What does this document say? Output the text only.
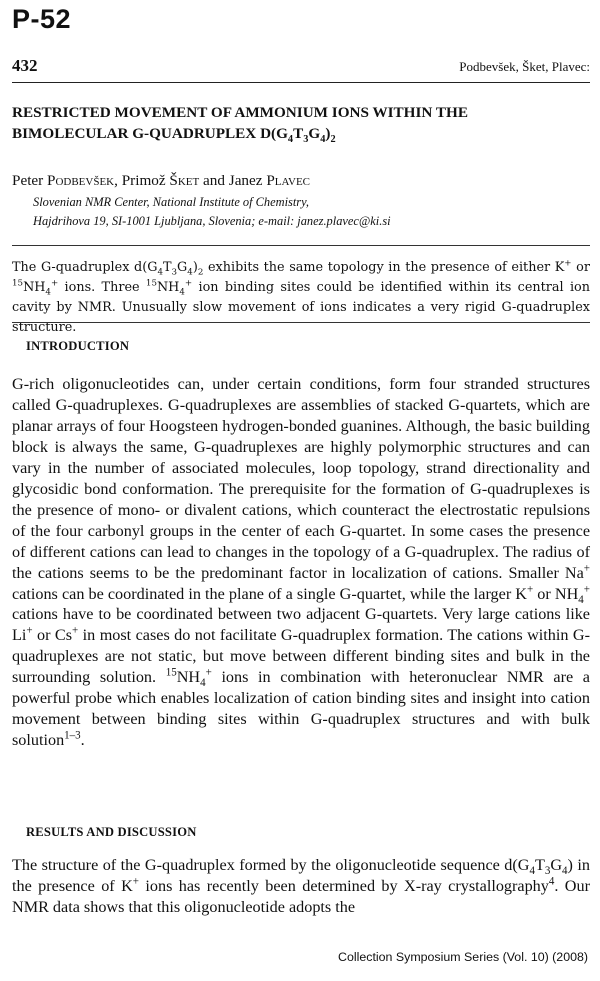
P-52
432	Podbevšek, Šket, Plavec:
RESTRICTED MOVEMENT OF AMMONIUM IONS WITHIN THE
BIMOLECULAR G-QUADRUPLEX $D(G_4T_3G_4)_2$
Peter Podbevšek, Primož Šket and Janez Plavec
Slovenian NMR Center, National Institute of Chemistry,
Hajdrihova 19, SI-1001 Ljubljana, Slovenia; e-mail: janez.plavec@ki.si
The G-quadruplex $d(G_4T_3G_4)_2$ exhibits the same topology in the presence of either K+ or $^{15}NH_4^+$ ions. Three $^{15}NH_4^+$ ion binding sites could be identified within its central ion cavity by NMR. Unusually slow movement of ions indicates a very rigid G-quadruplex structure.
INTRODUCTION
G-rich oligonucleotides can, under certain conditions, form four stranded structures called G-quadruplexes. G-quadruplexes are assemblies of stacked G-quartets, which are planar arrays of four Hoogsteen hydrogen-bonded guanines. Although, the basic building block is always the same, G-quadruplexes are highly polymorphic structures and can vary in the number of associated molecules, loop topology, strand directionality and glycosidic bond conformation. The prerequisite for the formation of G-quadruplexes is the presence of mono- or divalent cations, which counteract the electrostatic repulsions of the four carbonyl groups in the center of each G-quartet. In some cases the presence of different cations can lead to changes in the topology of a G-quadruplex. The radius of the cations seems to be the predominant factor in localization of cations. Smaller Na+ cations can be coordinated in the plane of a single G-quartet, while the larger K+ or $NH_4^+$ cations have to be coordinated between two adjacent G-quartets. Very large cations like Li+ or Cs+ in most cases do not facilitate G-quadruplex formation. The cations within G-quadruplexes are not static, but move between different binding sites and bulk in the surrounding solution. $^{15}NH_4^+$ ions in combination with heteronuclear NMR are a powerful probe which enables localization of cation binding sites and insight into cation movement between binding sites within G-quadruplex structures and with bulk solution$^{1-3}$.
RESULTS AND DISCUSSION
The structure of the G-quadruplex formed by the oligonucleotide sequence $d(G_4T_3G_4)$ in the presence of K+ ions has recently been determined by X-ray crystallography$^4$. Our NMR data shows that this oligonucleotide adopts the
Collection Symposium Series (Vol. 10) (2008)
